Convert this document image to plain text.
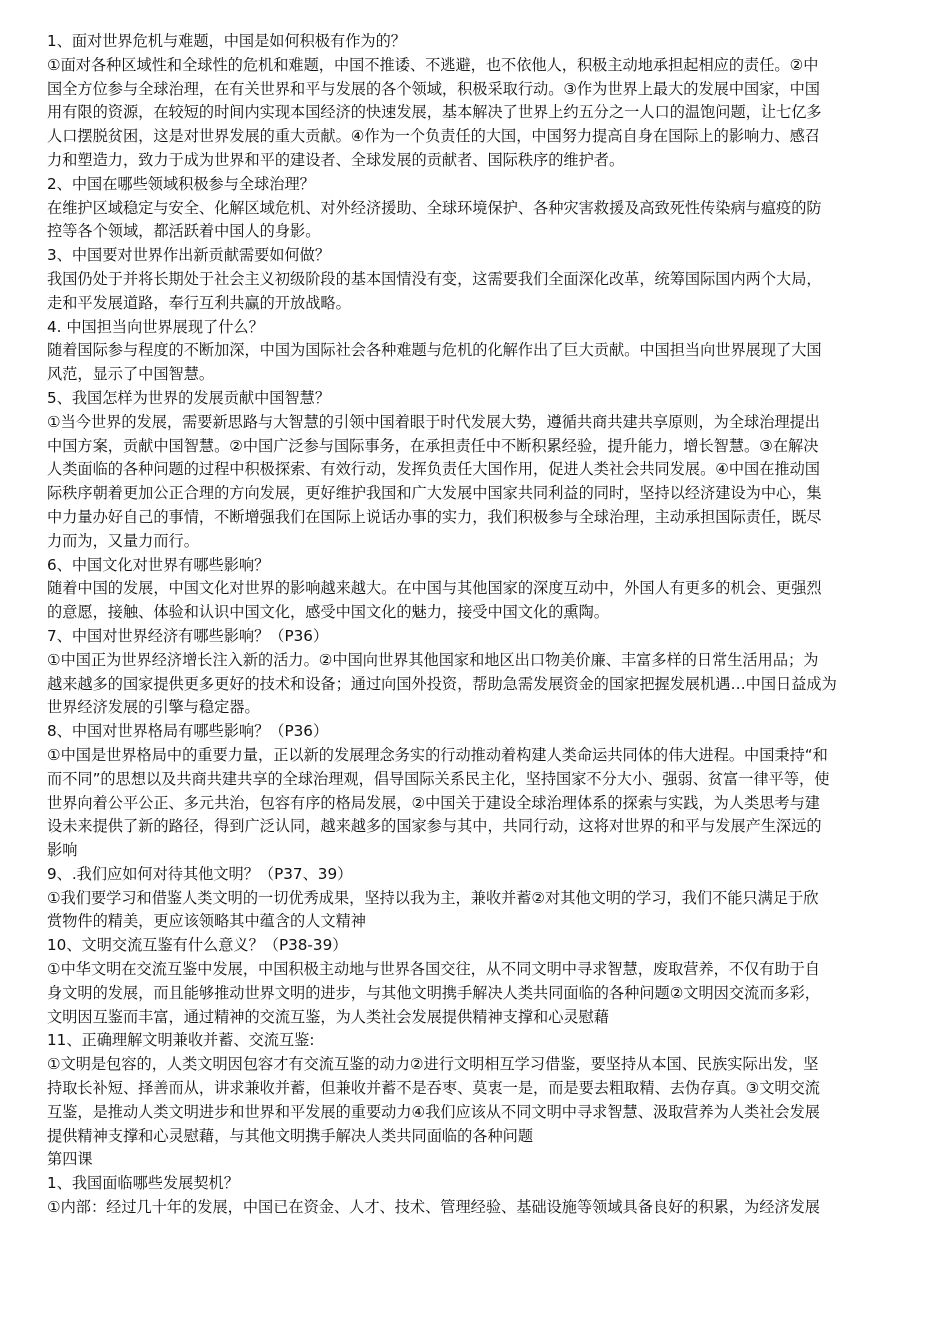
1、面对世界危机与难题，中国是如何积极有作为的？
①面对各种区域性和全球性的危机和难题，中国不推诿、不逃避，也不依他人，积极主动地承担起相应的责任。②中
国全方位参与全球治理，在有关世界和平与发展的各个领域，积极采取行动。③作为世界上最大的发展中国家，中国
用有限的资源，在较短的时间内实现本国经济的快速发展，基本解决了世界上约五分之一人口的温饱问题，让七亿多
人口摆脱贫困，这是对世界发展的重大贡献。④作为一个负责任的大国，中国努力提高自身在国际上的影响力、感召
力和塑造力，致力于成为世界和平的建设者、全球发展的贡献者、国际秩序的维护者。
2、中国在哪些领域积极参与全球治理？
在维护区域稳定与安全、化解区域危机、对外经济援助、全球环境保护、各种灾害救援及高致死性传染病与瘟疫的防
控等各个领域，都活跃着中国人的身影。
3、中国要对世界作出新贡献需要如何做？
我国仍处于并将长期处于社会主义初级阶段的基本国情没有变，这需要我们全面深化改革，统筹国际国内两个大局，
走和平发展道路，奉行互利共赢的开放战略。
4. 中国担当向世界展现了什么？
随着国际参与程度的不断加深，中国为国际社会各种难题与危机的化解作出了巨大贡献。中国担当向世界展现了大国
风范，显示了中国智慧。
5、我国怎样为世界的发展贡献中国智慧？
①当今世界的发展，需要新思路与大智慧的引领中国着眼于时代发展大势，遵循共商共建共享原则，为全球治理提出
中国方案，贡献中国智慧。②中国广泛参与国际事务，在承担责任中不断积累经验，提升能力，增长智慧。③在解决
人类面临的各种问题的过程中积极探索、有效行动，发挥负责任大国作用，促进人类社会共同发展。④中国在推动国
际秩序朝着更加公正合理的方向发展，更好维护我国和广大发展中国家共同利益的同时，坚持以经济建设为中心，集
中力量办好自己的事情，不断增强我们在国际上说话办事的实力，我们积极参与全球治理，主动承担国际责任，既尽
力而为，又量力而行。
6、中国文化对世界有哪些影响？
随着中国的发展，中国文化对世界的影响越来越大。在中国与其他国家的深度互动中，外国人有更多的机会、更强烈
的意愿，接触、体验和认识中国文化，感受中国文化的魅力，接受中国文化的熏陶。
7、中国对世界经济有哪些影响？（P36）
①中国正为世界经济增长注入新的活力。②中国向世界其他国家和地区出口物美价廉、丰富多样的日常生活用品；为
越来越多的国家提供更多更好的技术和设备；通过向国外投资，帮助急需发展资金的国家把握发展机遇…中国日益成为
世界经济发展的引擎与稳定器。
8、中国对世界格局有哪些影响？（P36）
①中国是世界格局中的重要力量，正以新的发展理念务实的行动推动着构建人类命运共同体的伟大进程。中国秉持“和
而不同”的思想以及共商共建共享的全球治理观，倡导国际关系民主化，坚持国家不分大小、强弱、贫富一律平等，使
世界向着公平公正、多元共治，包容有序的格局发展，②中国关于建设全球治理体系的探索与实践，为人类思考与建
设未来提供了新的路径，得到广泛认同，越来越多的国家参与其中，共同行动，这将对世界的和平与发展产生深远的
影响
9、.我们应如何对待其他文明？（P37、39）
①我们要学习和借鉴人类文明的一切优秀成果，坚持以我为主，兼收并蓄②对其他文明的学习，我们不能只满足于欣
赏物件的精美，更应该领略其中蕴含的人文精神
10、文明交流互鉴有什么意义？（P38-39）
①中华文明在交流互鉴中发展，中国积极主动地与世界各国交往，从不同文明中寻求智慧，废取营养，不仅有助于自
身文明的发展，而且能够推动世界文明的进步，与其他文明携手解决人类共同面临的各种问题②文明因交流而多彩，
文明因互鉴而丰富，通过精神的交流互鉴，为人类社会发展提供精神支撑和心灵慰藉
11、正确理解文明兼收并蓄、交流互鉴:
①文明是包容的，人类文明因包容才有交流互鉴的动力②进行文明相互学习借鉴，要坚持从本国、民族实际出发，坚
持取长补短、择善而从，讲求兼收并蓄，但兼收并蓄不是吞枣、莫衷一是，而是要去粗取精、去伪存真。③文明交流
互鉴，是推动人类文明进步和世界和平发展的重要动力④我们应该从不同文明中寻求智慧、汲取营养为人类社会发展
提供精神支撑和心灵慰藉，与其他文明携手解决人类共同面临的各种问题
第四课
1、我国面临哪些发展契机？
①内部：经过几十年的发展，中国已在资金、人才、技术、管理经验、基础设施等领域具备良好的积累，为经济发展
